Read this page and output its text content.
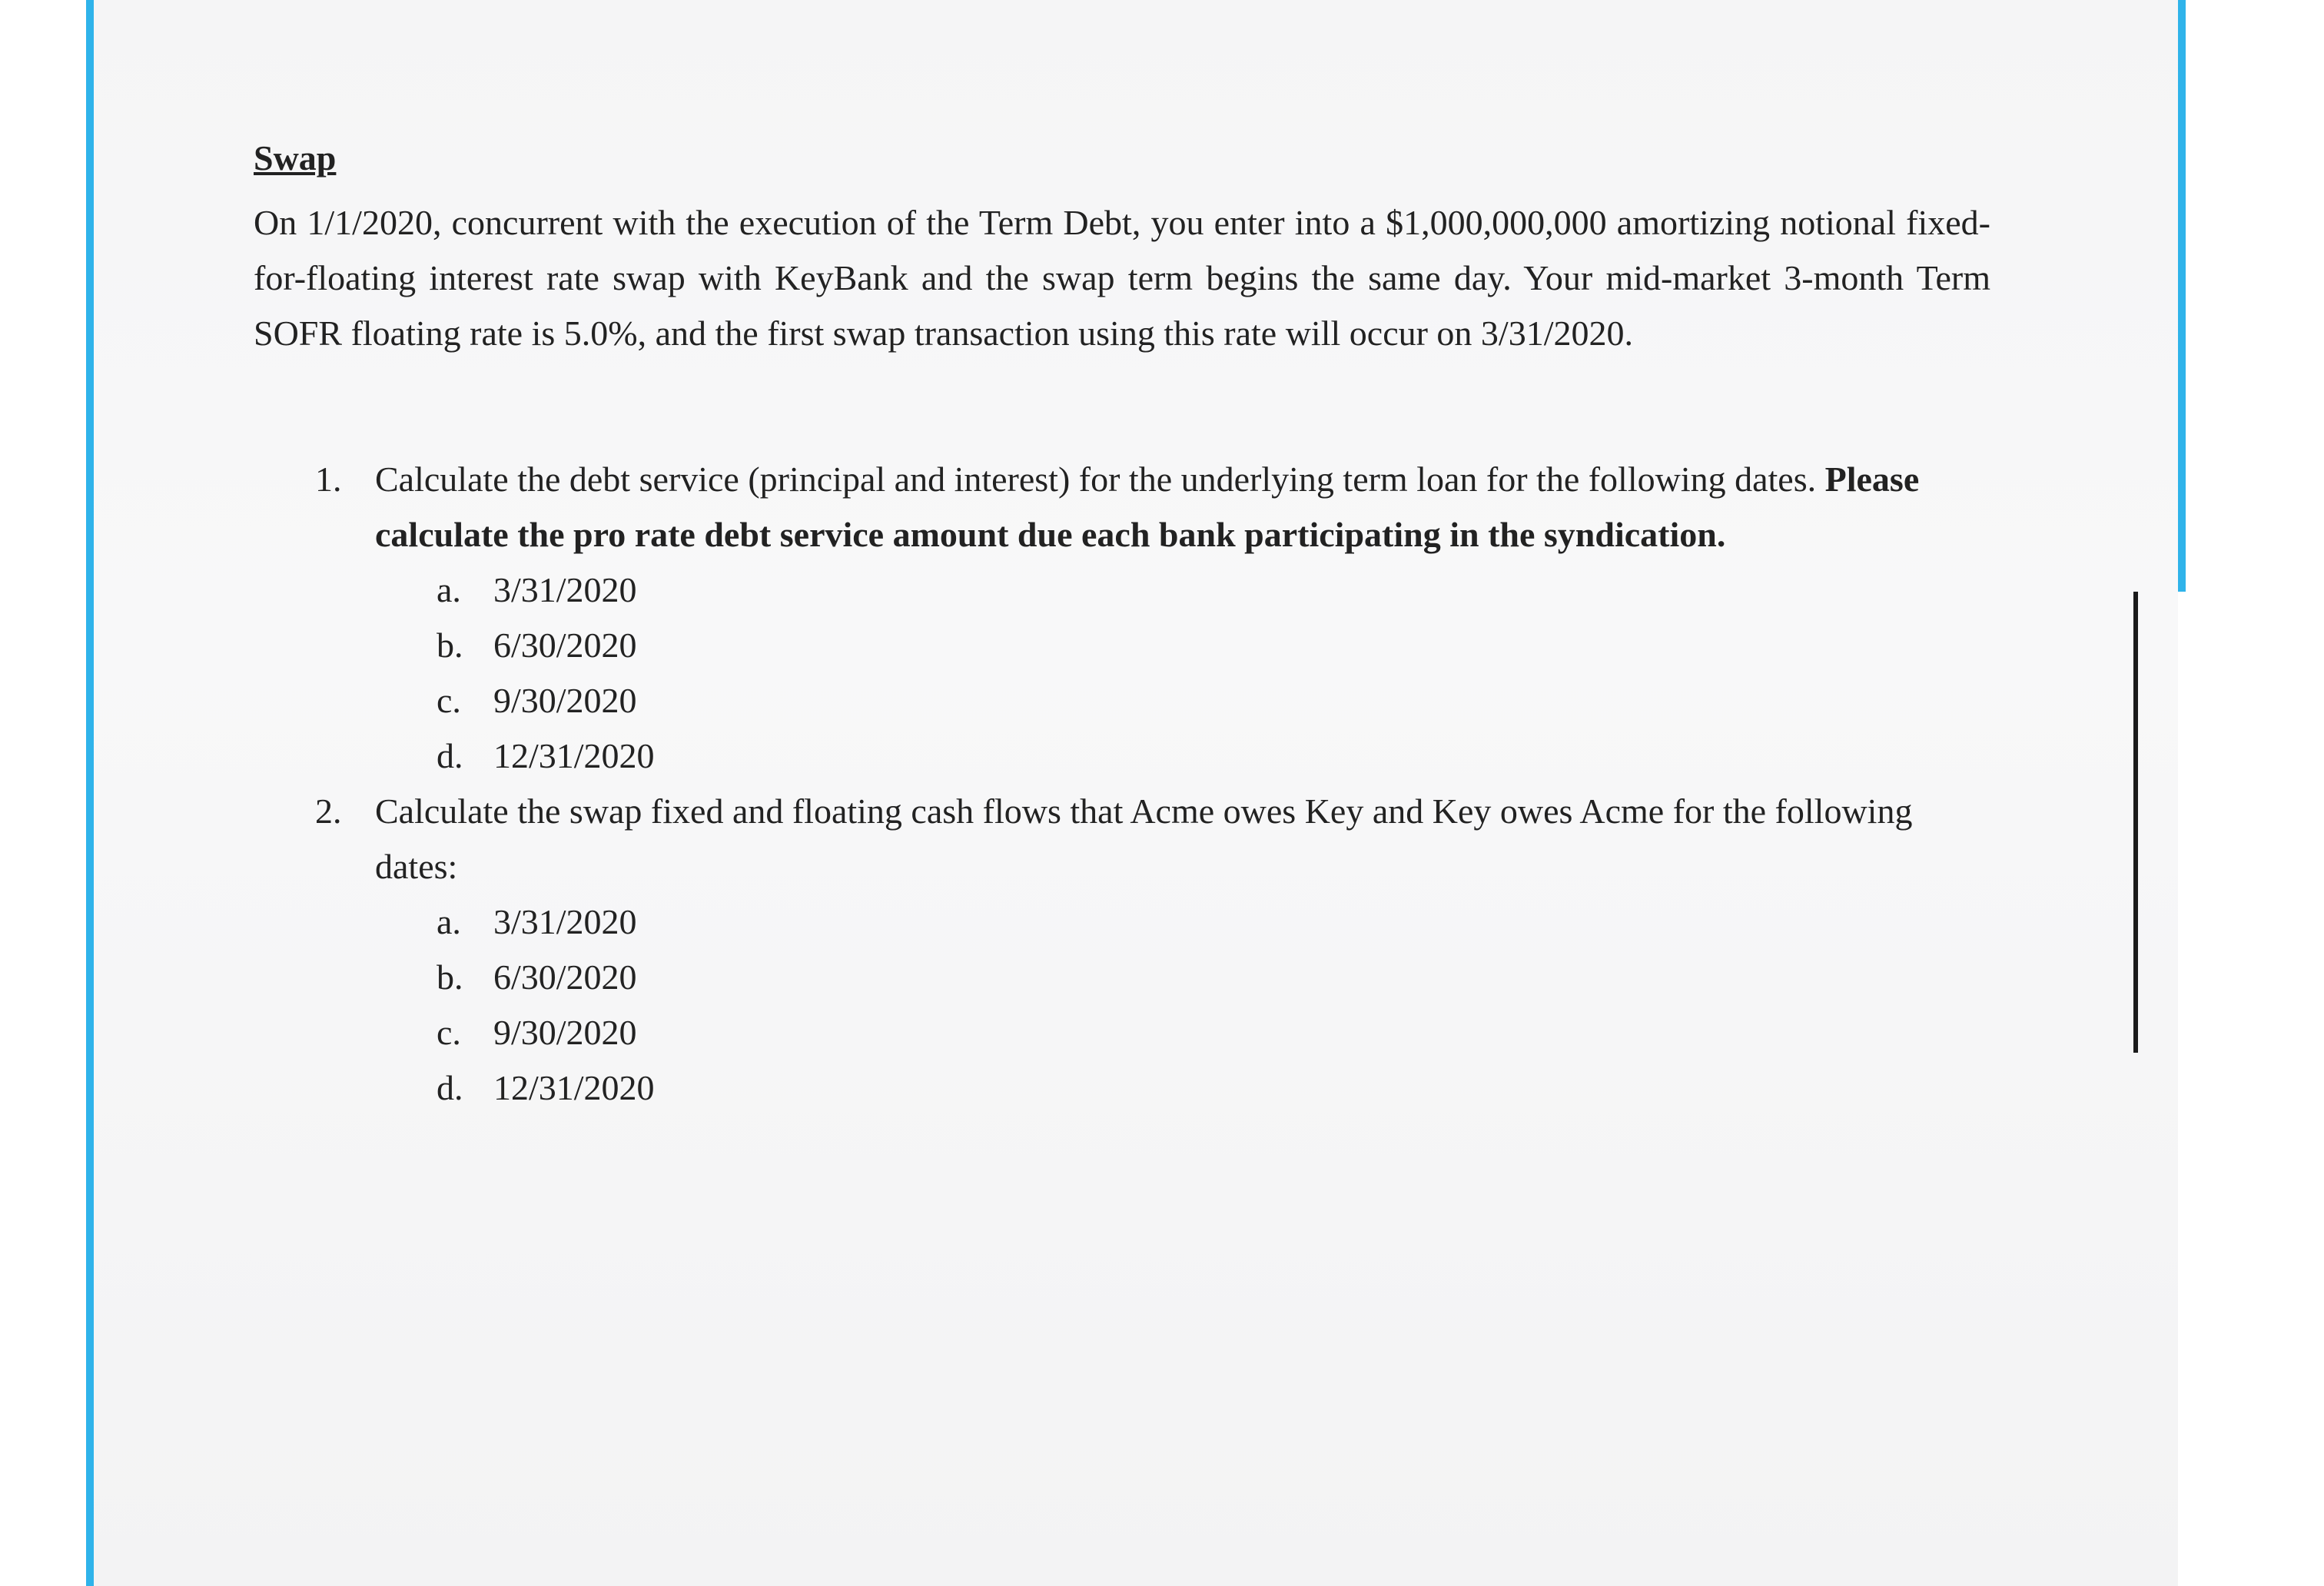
Swap

On 1/1/2020, concurrent with the execution of the Term Debt, you enter into a $1,000,000,000 amortizing notional fixed-for-floating interest rate swap with KeyBank and the swap term begins the same day. Your mid-market 3-month Term SOFR floating rate is 5.0%, and the first swap transaction using this rate will occur on 3/31/2020.

1. Calculate the debt service (principal and interest) for the underlying term loan for the following dates. Please calculate the pro rate debt service amount due each bank participating in the syndication.
a. 3/31/2020
b. 6/30/2020
c. 9/30/2020
d. 12/31/2020
2. Calculate the swap fixed and floating cash flows that Acme owes Key and Key owes Acme for the following dates:
a. 3/31/2020
b. 6/30/2020
c. 9/30/2020
d. 12/31/2020
